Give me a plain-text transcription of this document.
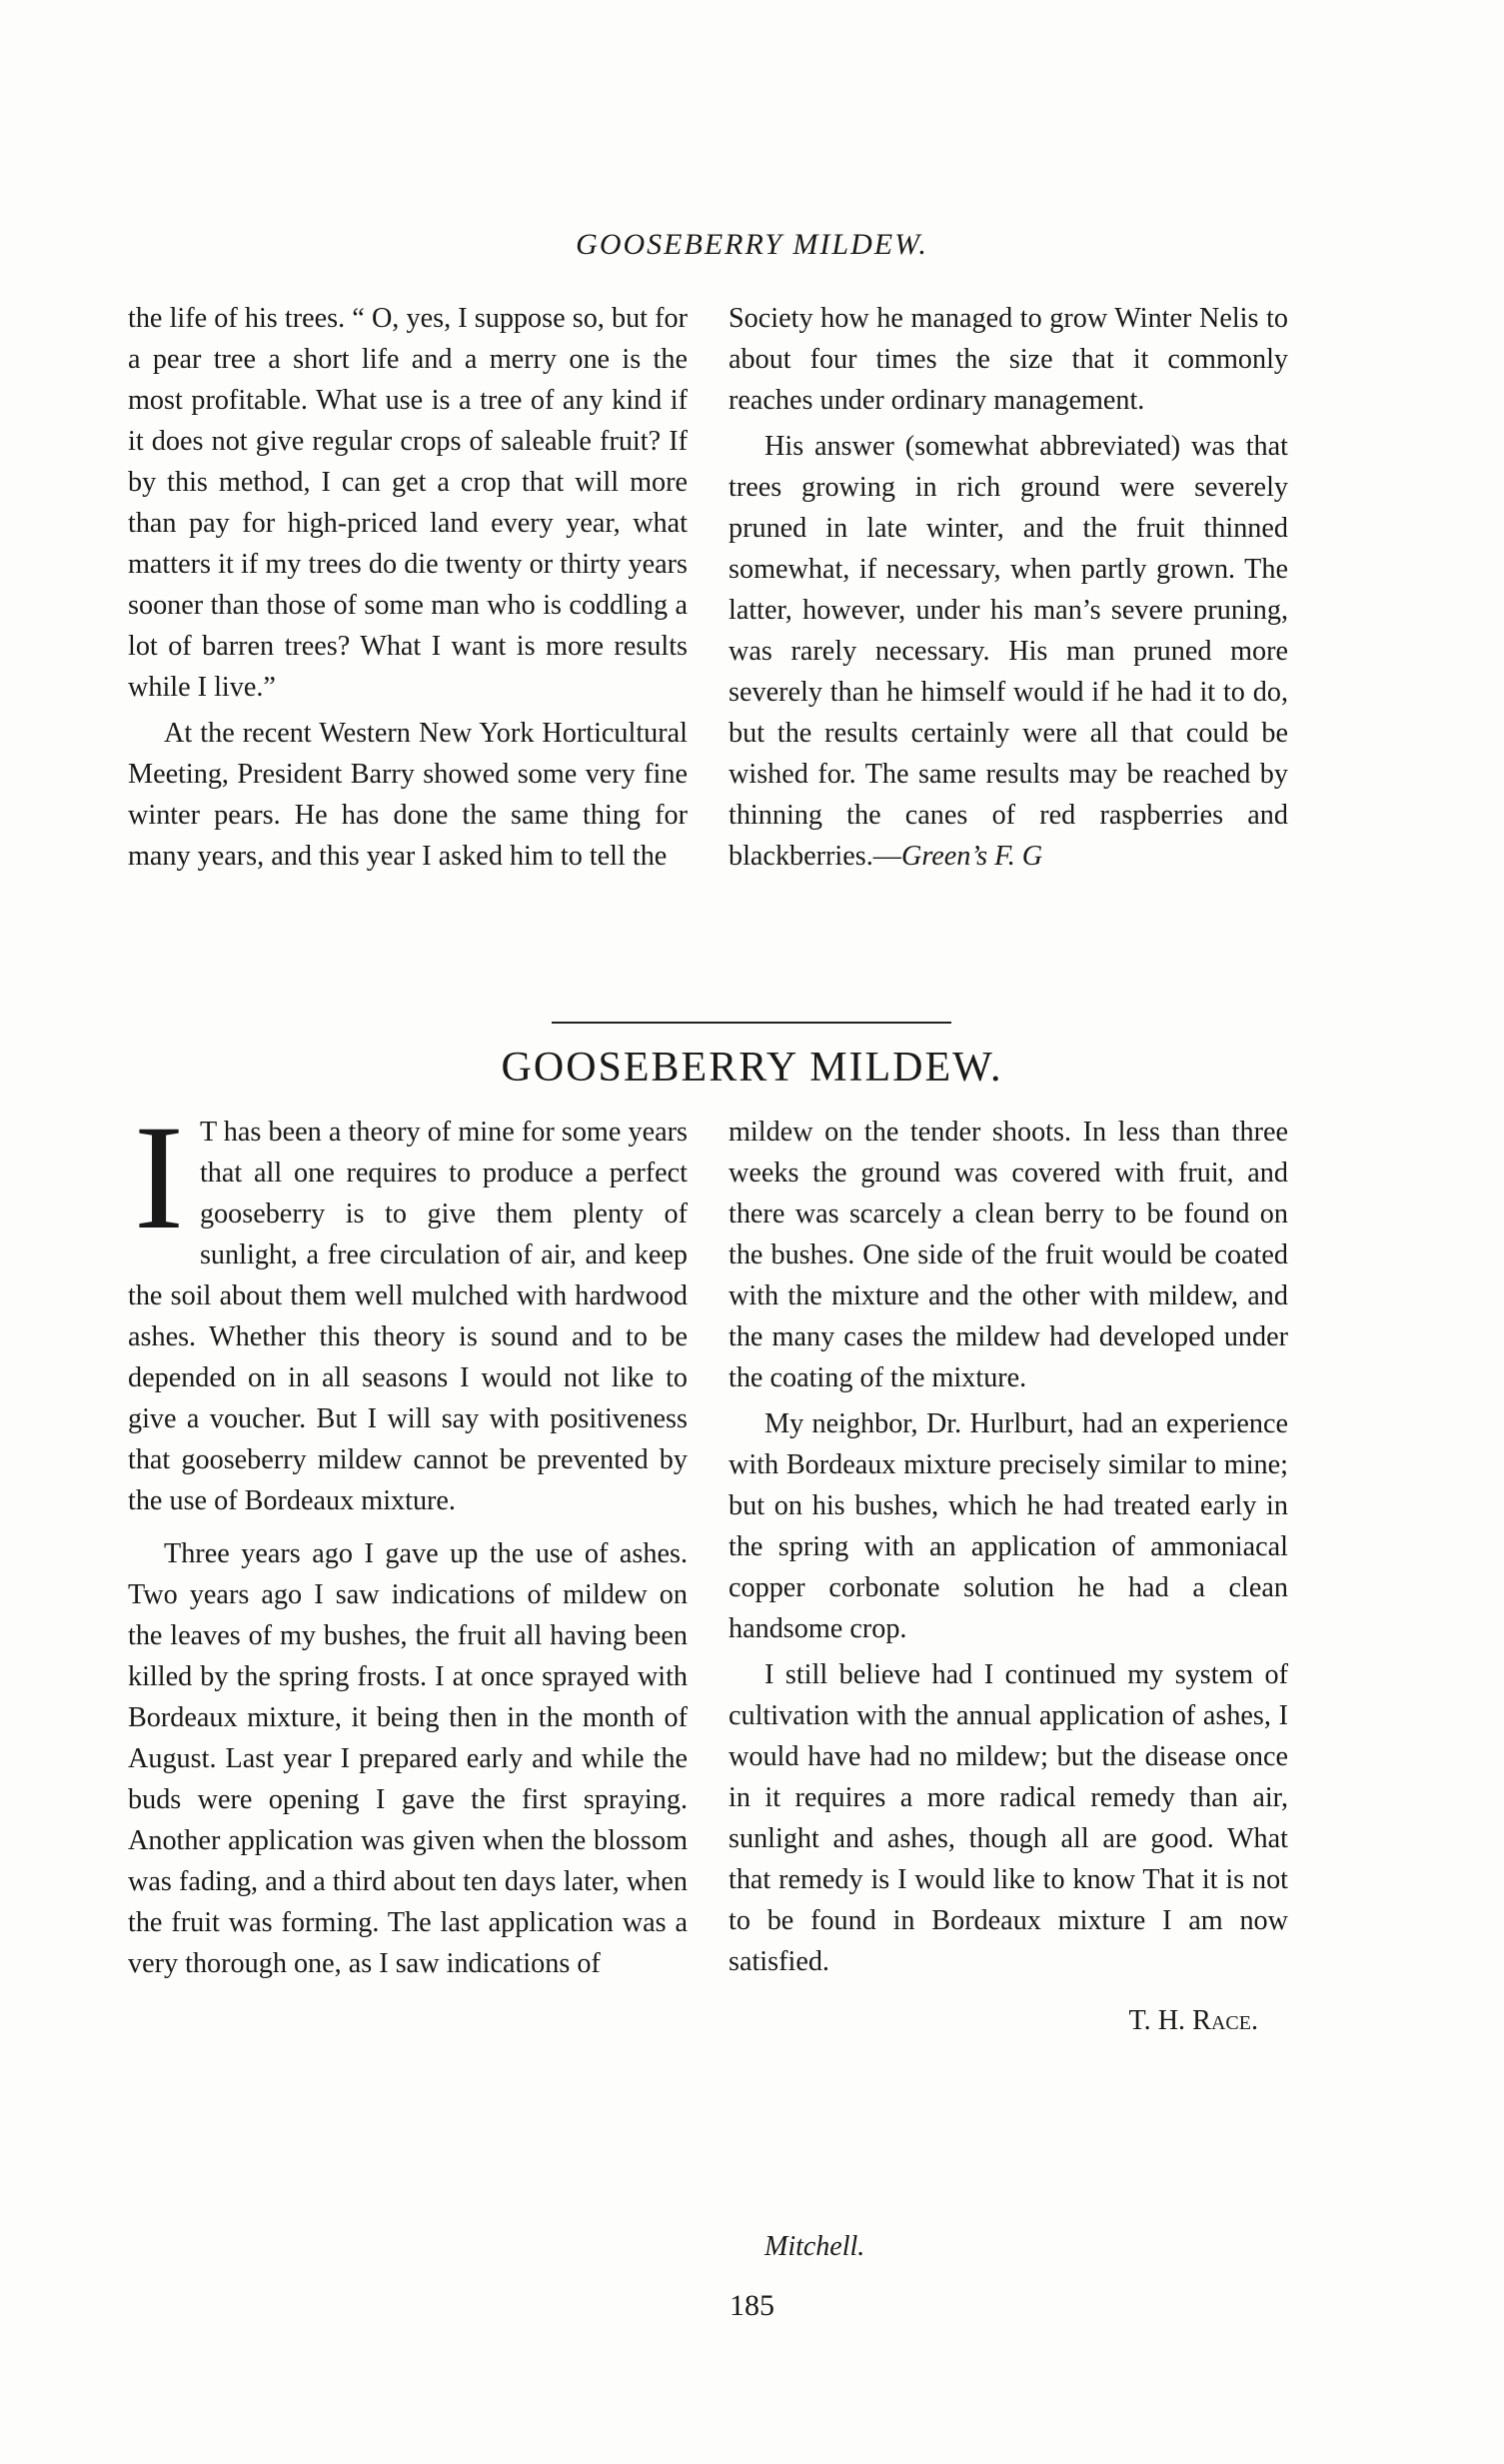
GOOSEBERRY MILDEW.

the life of his trees. “ O, yes, I suppose so, but for a pear tree a short life and a merry one is the most profitable. What use is a tree of any kind if it does not give regular crops of saleable fruit? If by this method, I can get a crop that will more than pay for high-priced land every year, what matters it if my trees do die twenty or thirty years sooner than those of some man who is coddling a lot of barren trees? What I want is more results while I live.”

At the recent Western New York Horticultural Meeting, President Barry showed some very fine winter pears. He has done the same thing for many years, and this year I asked him to tell the

Society how he managed to grow Winter Nelis to about four times the size that it commonly reaches under ordinary management.

His answer (somewhat abbreviated) was that trees growing in rich ground were severely pruned in late winter, and the fruit thinned somewhat, if necessary, when partly grown. The latter, however, under his man’s severe pruning, was rarely necessary. His man pruned more severely than he himself would if he had it to do, but the results certainly were all that could be wished for. The same results may be reached by thinning the canes of red raspberries and blackberries.—Green’s F. G

GOOSEBERRY MILDEW.

I T has been a theory of mine for some years that all one requires to produce a perfect gooseberry is to give them plenty of sunlight, a free circulation of air, and keep the soil about them well mulched with hardwood ashes. Whether this theory is sound and to be depended on in all seasons I would not like to give a voucher. But I will say with positiveness that gooseberry mildew cannot be prevented by the use of Bordeaux mixture.

Three years ago I gave up the use of ashes. Two years ago I saw indications of mildew on the leaves of my bushes, the fruit all having been killed by the spring frosts. I at once sprayed with Bordeaux mixture, it being then in the month of August. Last year I prepared early and while the buds were opening I gave the first spraying. Another application was given when the blossom was fading, and a third about ten days later, when the fruit was forming. The last application was a very thorough one, as I saw indications of

mildew on the tender shoots. In less than three weeks the ground was covered with fruit, and there was scarcely a clean berry to be found on the bushes. One side of the fruit would be coated with the mixture and the other with mildew, and the many cases the mildew had developed under the coating of the mixture.

My neighbor, Dr. Hurlburt, had an experience with Bordeaux mixture precisely similar to mine; but on his bushes, which he had treated early in the spring with an application of ammoniacal copper corbonate solution he had a clean handsome crop.

I still believe had I continued my system of cultivation with the annual application of ashes, I would have had no mildew; but the disease once in it requires a more radical remedy than air, sunlight and ashes, though all are good. What that remedy is I would like to know That it is not to be found in Bordeaux mixture I am now satisfied.

T. H. Race.
Mitchell.
185
